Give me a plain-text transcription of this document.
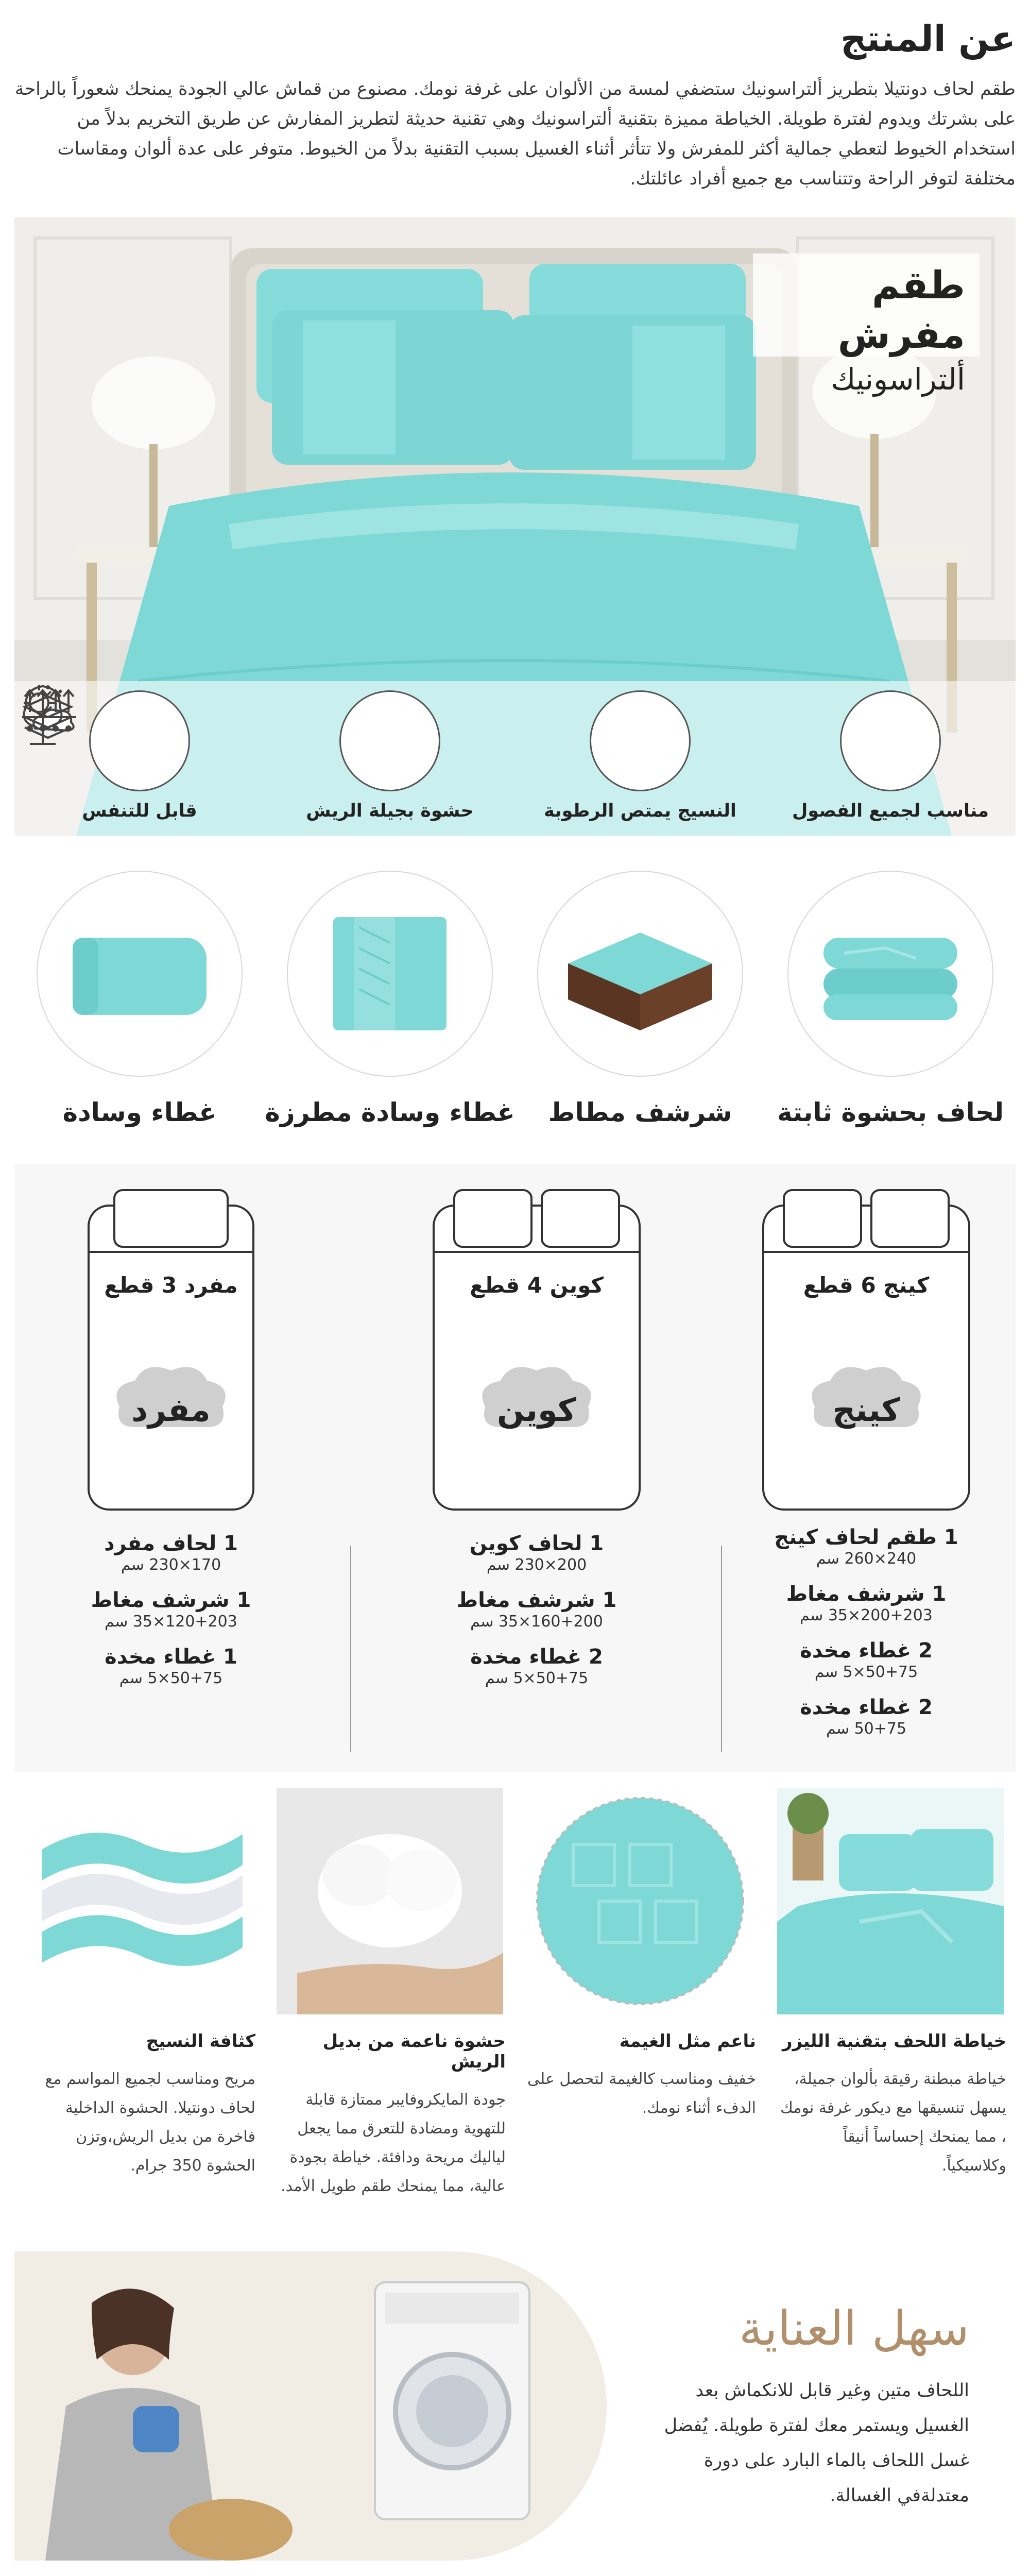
عن المنتج

طقم لحاف دونتيلا بتطريز ألتراسونيك ستضفي لمسة من الألوان على غرفة نومك. مصنوع من قماش عالي الجودة يمنحك شعوراً بالراحة على بشرتك ويدوم لفترة طويلة. الخياطة مميزة بتقنية ألتراسونيك وهي تقنية حديثة لتطريز المفارش عن طريق التخريم بدلاً من استخدام الخيوط لتعطي جمالية أكثر للمفرش ولا تتأثر أثناء الغسيل بسبب التقنية بدلاً من الخيوط. متوفر على عدة ألوان ومقاسات مختلفة لتوفر الراحة وتتناسب مع جميع أفراد عائلتك.

طقم مفرش
ألتراسونيك
مناسب لجميع الفصول
النسيج يمتص الرطوبة
حشوة بجيلة الريش
قابل للتنفس
لحاف بحشوة ثابتة
شرشف مطاط
غطاء وسادة مطرزة
غطاء وسادة
كينج 6 قطع
كينج
1 طقم لحاف كينج
240×260 سم
1 شرشف مغاط
200+203×35 سم
2 غطاء مخدة
50+75×5 سم
2 غطاء مخدة
50+75 سم
كوين 4 قطع
كوين
1 لحاف كوين
200×230 سم
1 شرشف مغاط
160+200×35 سم
2 غطاء مخدة
50+75×5 سم
مفرد 3 قطع
مفرد
1 لحاف مفرد
170×230 سم
1 شرشف مغاط
120+203×35 سم
1 غطاء مخدة
50+75×5 سم
خياطة اللحف بتقنية الليزر
خياطة مبطنة رقيقة بألوان جميلة، يسهل تنسيقها مع ديكور غرفة نومك ، مما يمنحك إحساساً أنيقاً وكلاسيكياً.
ناعم مثل الغيمة
خفيف ومناسب كالغيمة لتحصل على الدفء أثناء نومك.
حشوة ناعمة من بديل الريش
جودة المايكروفايبر ممتازة قابلة للتهوية ومضادة للتعرق مما يجعل لياليك مريحة ودافئة. خياطة بجودة عالية، مما يمنحك طقم طويل الأمد.
كثافة النسيج
مريح ومناسب لجميع المواسم مع لحاف دونتيلا. الحشوة الداخلية فاخرة من بديل الريش،وتزن الحشوة 350 جرام.
سهل العناية

اللحاف متين وغير قابل للانكماش بعد الغسيل ويستمر معك لفترة طويلة. يُفضل غسل اللحاف بالماء البارد على دورة معتدلةفي الغسالة.
